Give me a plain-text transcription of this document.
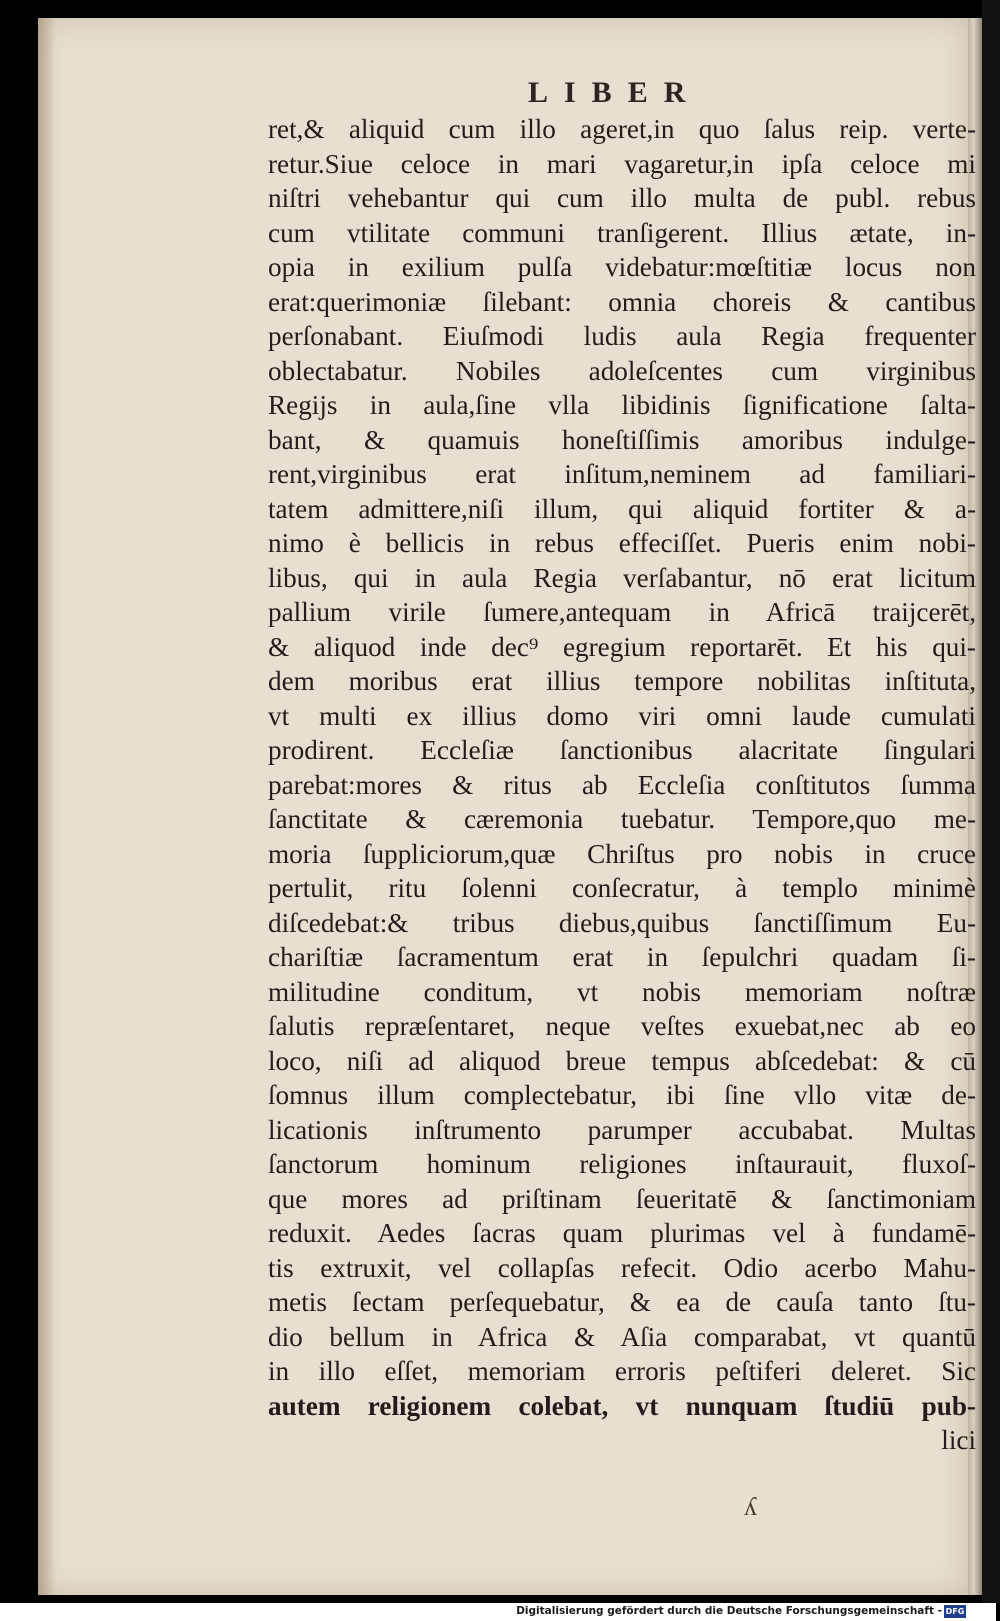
LIBER
ret,& aliquid cum illo ageret,in quo ſalus reip. verte-
retur.Siue celoce in mari vagaretur,in ipſa celoce mi
niſtri vehebantur qui cum illo multa de publ. rebus
cum vtilitate communi tranſigerent. Illius ætate, in-
opia in exilium pulſa videbatur:mœſtitiæ locus non
erat:querimoniæ ſilebant: omnia choreis & cantibus
perſonabant. Eiuſmodi ludis aula Regia frequenter
oblectabatur. Nobiles adoleſcentes cum virginibus
Regijs in aula,ſine vlla libidinis ſignificatione ſalta-
bant, & quamuis honeſtiſſimis amoribus indulge-
rent,virginibus erat inſitum,neminem ad familiari-
tatem admittere,niſi illum, qui aliquid fortiter & a-
nimo è bellicis in rebus effeciſſet. Pueris enim nobi-
libus, qui in aula Regia verſabantur, nō erat licitum
pallium virile ſumere,antequam in Africā traijcerēt,
& aliquod inde dec⁹ egregium reportarēt. Et his qui-
dem moribus erat illius tempore nobilitas inſtituta,
vt multi ex illius domo viri omni laude cumulati
prodirent. Eccleſiæ ſanctionibus alacritate ſingulari
parebat:mores & ritus ab Eccleſia conſtitutos ſumma
ſanctitate & cæremonia tuebatur. Tempore,quo me-
moria ſuppliciorum,quæ Chriſtus pro nobis in cruce
pertulit, ritu ſolenni conſecratur, à templo minimè
diſcedebat:& tribus diebus,quibus ſanctiſſimum Eu-
chariſtiæ ſacramentum erat in ſepulchri quadam ſi-
militudine conditum, vt nobis memoriam noſtræ
ſalutis repræſentaret, neque veſtes exuebat,nec ab eo
loco, niſi ad aliquod breue tempus abſcedebat: & cū
ſomnus illum complectebatur, ibi ſine vllo vitæ de-
licationis inſtrumento parumper accubabat. Multas
ſanctorum hominum religiones inſtaurauit, fluxoſ-
que mores ad priſtinam ſeueritatē & ſanctimoniam
reduxit. Aedes ſacras quam plurimas vel à fundamē-
tis extruxit, vel collapſas refecit. Odio acerbo Mahu-
metis ſectam perſequebatur, & ea de cauſa tanto ſtu-
dio bellum in Africa & Aſia comparabat, vt quantū
in illo eſſet, memoriam erroris peſtiferi deleret. Sic
autem religionem colebat, vt nunquam ſtudiū pub-
lici
ʎ
Digitalisierung gefördert durch die Deutsche Forschungsgemeinschaft - DFG
